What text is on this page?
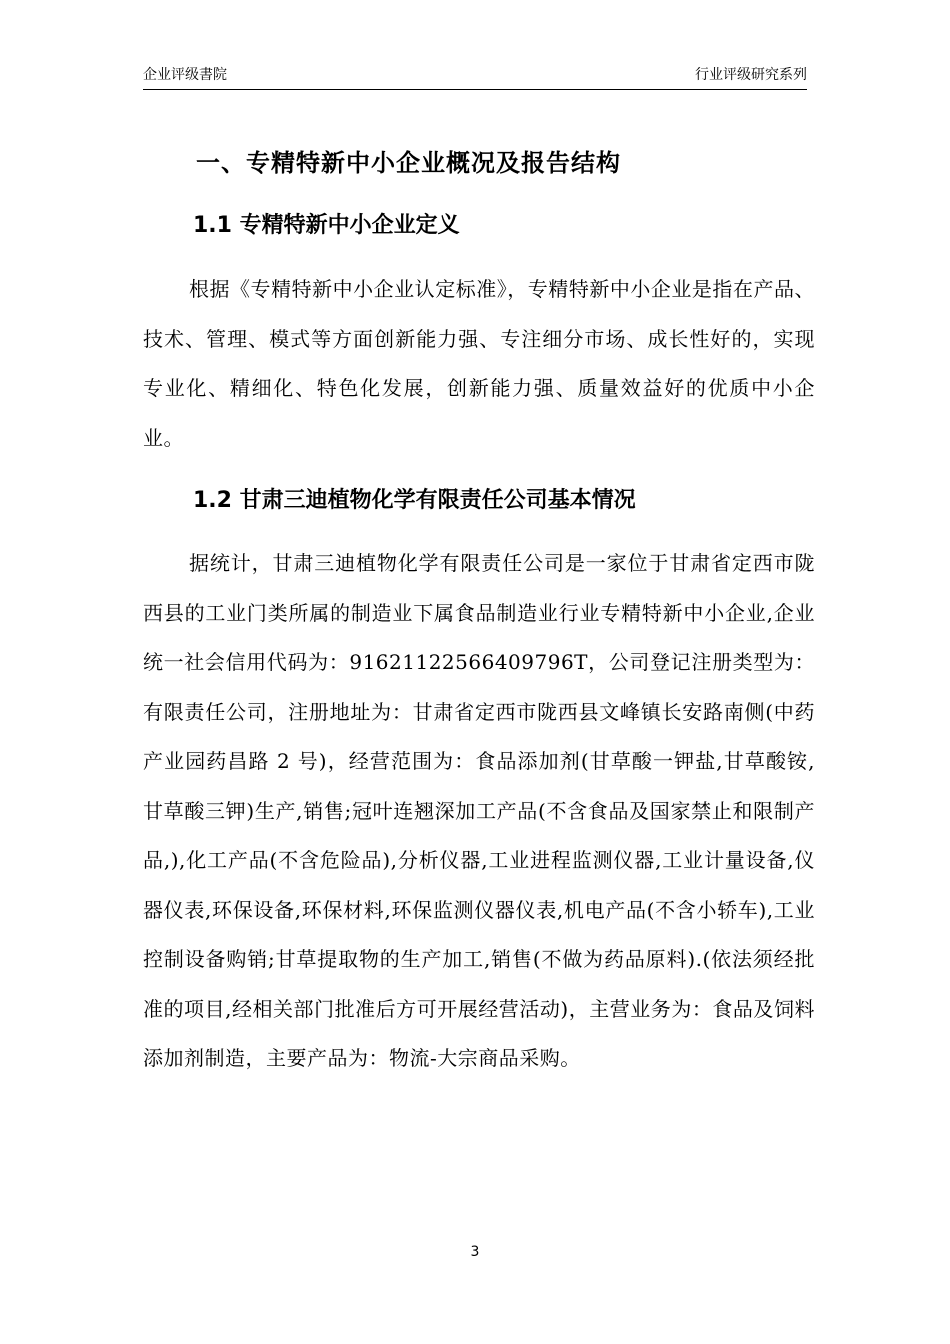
企业评级書院	行业评级研究系列
一、专精特新中小企业概况及报告结构
1.1 专精特新中小企业定义

根据《专精特新中小企业认定标准》，专精特新中小企业是指在产品、技术、管理、模式等方面创新能力强、专注细分市场、成长性好的，实现专业化、精细化、特色化发展，创新能力强、质量效益好的优质中小企业。

1.2 甘肃三迪植物化学有限责任公司基本情况

据统计，甘肃三迪植物化学有限责任公司是一家位于甘肃省定西市陇西县的工业门类所属的制造业下属食品制造业行业专精特新中小企业,企业统一社会信用代码为：91621122566409796T，公司登记注册类型为：有限责任公司，注册地址为：甘肃省定西市陇西县文峰镇长安路南侧(中药产业园药昌路 2 号)，经营范围为：食品添加剂(甘草酸一钾盐,甘草酸铵,甘草酸三钾)生产,销售;冠叶连翘深加工产品(不含食品及国家禁止和限制产品,),化工产品(不含危险品),分析仪器,工业进程监测仪器,工业计量设备,仪器仪表,环保设备,环保材料,环保监测仪器仪表,机电产品(不含小轿车),工业控制设备购销;甘草提取物的生产加工,销售(不做为药品原料).(依法须经批准的项目,经相关部门批准后方可开展经营活动)，主营业务为：食品及饲料添加剂制造，主要产品为：物流-大宗商品采购。

3
